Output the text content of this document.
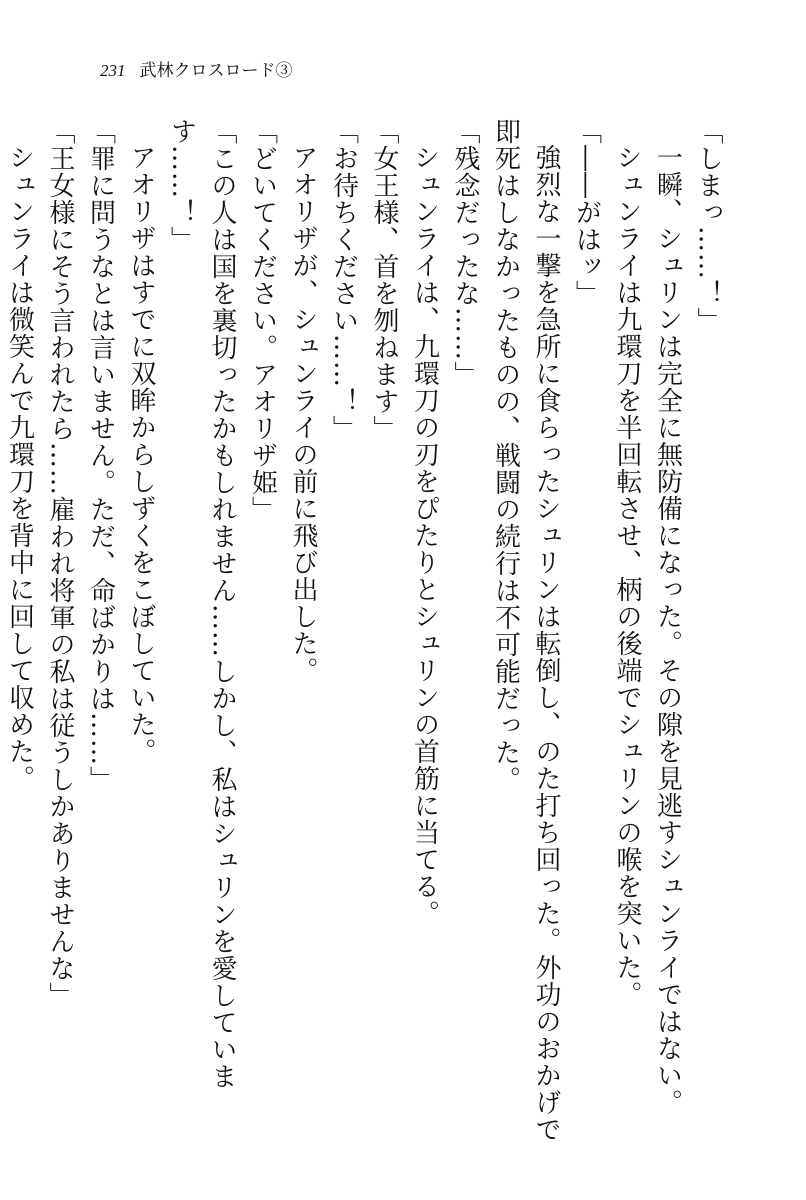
231 武林クロスロード③

「しまっ……！」

一瞬、シュリンは完全に無防備になった。その隙を見逃すシュンライではない。

シュンライは九環刀を半回転させ、柄の後端でシュリンの喉を突いた。

「――がはッ」

強烈な一撃を急所に食らったシュリンは転倒し、のた打ち回った。外功のおかげで即死はしなかったものの、戦闘の続行は不可能だった。

「残念だったな……」

シュンライは、九環刀の刃をぴたりとシュリンの首筋に当てる。

「女王様、首を刎ねます」

「お待ちください……！」

アオリザが、シュンライの前に飛び出した。

「どいてください。アオリザ姫」

「この人は国を裏切ったかもしれません……しかし、私はシュリンを愛しています……！」

アオリザはすでに双眸からしずくをこぼしていた。

「罪に問うなとは言いません。ただ、命ばかりは……」

「王女様にそう言われたら……雇われ将軍の私は従うしかありませんな」

シュンライは微笑んで九環刀を背中に回して収めた。
